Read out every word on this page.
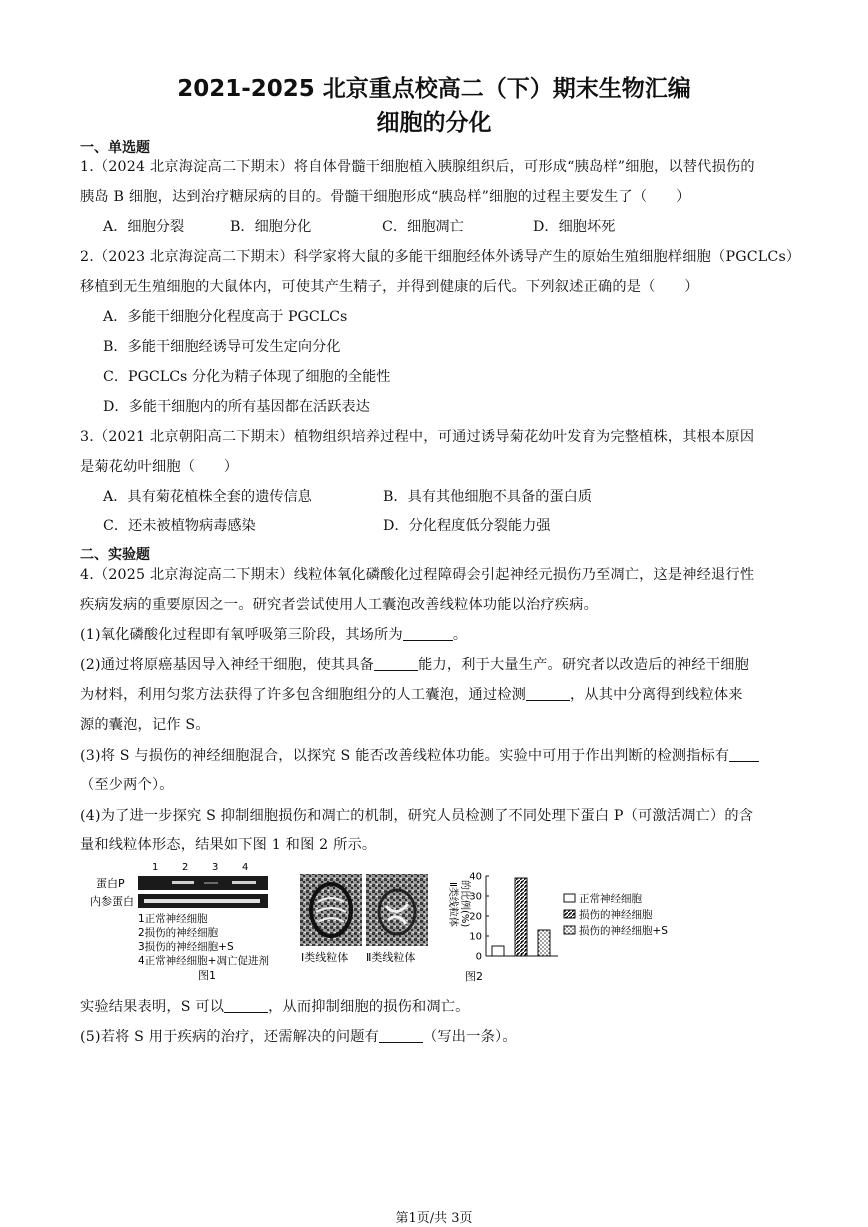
2021-2025 北京重点校高二（下）期末生物汇编
细胞的分化
一、单选题
1.（2024 北京海淀高二下期末）将自体骨髓干细胞植入胰腺组织后，可形成“胰岛样”细胞，以替代损伤的
胰岛 B 细胞，达到治疗糖尿病的目的。骨髓干细胞形成“胰岛样”细胞的过程主要发生了（　　）
A．细胞分裂	B．细胞分化	C．细胞凋亡	D．细胞坏死
2.（2023 北京海淀高二下期末）科学家将大鼠的多能干细胞经体外诱导产生的原始生殖细胞样细胞（PGCLCs）
移植到无生殖细胞的大鼠体内，可使其产生精子，并得到健康的后代。下列叙述正确的是（　　）
A．多能干细胞分化程度高于 PGCLCs
B．多能干细胞经诱导可发生定向分化
C．PGCLCs 分化为精子体现了细胞的全能性
D．多能干细胞内的所有基因都在活跃表达
3.（2021 北京朝阳高二下期末）植物组织培养过程中，可通过诱导菊花幼叶发育为完整植株，其根本原因
是菊花幼叶细胞（　　）
A．具有菊花植株全套的遗传信息	B．具有其他细胞不具备的蛋白质
C．还未被植物病毒感染	D．分化程度低分裂能力强
二、实验题
4.（2025 北京海淀高二下期末）线粒体氧化磷酸化过程障碍会引起神经元损伤乃至凋亡，这是神经退行性
疾病发病的重要原因之一。研究者尝试使用人工囊泡改善线粒体功能以治疗疾病。
(1)氧化磷酸化过程即有氧呼吸第三阶段，其场所为	。
(2)通过将原癌基因导入神经干细胞，使其具备	能力，利于大量生产。研究者以改造后的神经干细胞
为材料，利用匀浆方法获得了许多包含细胞组分的人工囊泡，通过检测	，从其中分离得到线粒体来
源的囊泡，记作 S。
(3)将 S 与损伤的神经细胞混合，以探究 S 能否改善线粒体功能。实验中可用于作出判断的检测指标有
（至少两个）。
(4)为了进一步探究 S 抑制细胞损伤和凋亡的机制，研究人员检测了不同处理下蛋白 P（可激活凋亡）的含
量和线粒体形态，结果如下图 1 和图 2 所示。
1 2 3 4
蛋白P
内参蛋白
1正常神经细胞
2损伤的神经细胞
3损伤的神经细胞+S
4正常神经细胞+凋亡促进剂
图1
Ⅰ类线粒体 Ⅱ类线粒体
Ⅱ类线粒体 的比例(%)
0
10
20
30
40
正常神经细胞
损伤的神经细胞
损伤的神经细胞+S
图2
实验结果表明，S 可以	，从而抑制细胞的损伤和凋亡。
(5)若将 S 用于疾病的治疗，还需解决的问题有	（写出一条）。
第1页/共 3页
